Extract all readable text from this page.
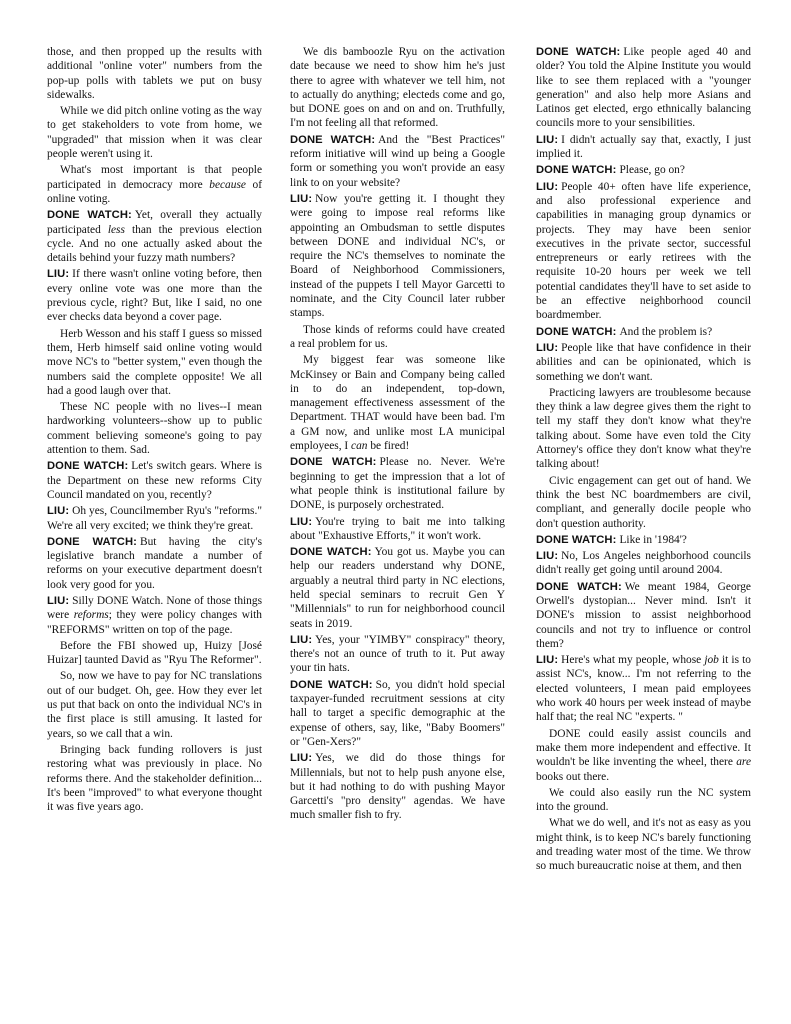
those, and then propped up the results with additional "online voter" numbers from the pop-up polls with tablets we put on busy sidewalks.

While we did pitch online voting as the way to get stakeholders to vote from home, we "upgraded" that mission when it was clear people weren't using it.

What's most important is that people participated in democracy more because of online voting.

DONE WATCH: Yet, overall they actually participated less than the previous election cycle. And no one actually asked about the details behind your fuzzy math numbers?

LIU: If there wasn't online voting before, then every online vote was one more than the previous cycle, right? But, like I said, no one ever checks data beyond a cover page.

Herb Wesson and his staff I guess so missed them, Herb himself said online voting would move NC's to "better system," even though the numbers said the complete opposite! We all had a good laugh over that.

These NC people with no lives--I mean hardworking volunteers--show up to public comment believing someone's going to pay attention to them. Sad.

DONE WATCH: Let's switch gears. Where is the Department on these new reforms City Council mandated on you, recently?

LIU: Oh yes, Councilmember Ryu's "reforms." We're all very excited; we think they're great.

DONE WATCH: But having the city's legislative branch mandate a number of reforms on your executive department doesn't look very good for you.

LIU: Silly DONE Watch. None of those things were reforms; they were policy changes with "REFORMS" written on top of the page.

Before the FBI showed up, Huizy [José Huizar] taunted David as "Ryu The Reformer".

So, now we have to pay for NC translations out of our budget. Oh, gee. How they ever let us put that back on onto the individual NC's in the first place is still amusing. It lasted for years, so we call that a win.

Bringing back funding rollovers is just restoring what was previously in place. No reforms there. And the stakeholder definition... It's been "improved" to what everyone thought it was five years ago.

We dis bamboozle Ryu on the activation date because we need to show him he's just there to agree with whatever we tell him, not to actually do anything; electeds come and go, but DONE goes on and on and on. Truthfully, I'm not feeling all that reformed.

DONE WATCH: And the "Best Practices" reform initiative will wind up being a Google form or something you won't provide an easy link to on your website?

LIU: Now you're getting it. I thought they were going to impose real reforms like appointing an Ombudsman to settle disputes between DONE and individual NC's, or require the NC's themselves to nominate the Board of Neighborhood Commissioners, instead of the puppets I tell Mayor Garcetti to nominate, and the City Council later rubber stamps.

Those kinds of reforms could have created a real problem for us.

My biggest fear was someone like McKinsey or Bain and Company being called in to do an independent, top-down, management effectiveness assessment of the Department. THAT would have been bad. I'm a GM now, and unlike most LA municipal employees, I can be fired!

DONE WATCH: Please no. Never. We're beginning to get the impression that a lot of what people think is institutional failure by DONE, is purposely orchestrated.

LIU: You're trying to bait me into talking about "Exhaustive Efforts," it won't work.

DONE WATCH: You got us. Maybe you can help our readers understand why DONE, arguably a neutral third party in NC elections, held special seminars to recruit Gen Y "Millennials" to run for neighborhood council seats in 2019.

LIU: Yes, your "YIMBY" conspiracy" theory, there's not an ounce of truth to it. Put away your tin hats.

DONE WATCH: So, you didn't hold special taxpayer-funded recruitment sessions at city hall to target a specific demographic at the expense of others, say, like, "Baby Boomers" or "Gen-Xers?"

LIU: Yes, we did do those things for Millennials, but not to help push anyone else, but it had nothing to do with pushing Mayor Garcetti's "pro density" agendas. We have much smaller fish to fry.

DONE WATCH: Like people aged 40 and older? You told the Alpine Institute you would like to see them replaced with a "younger generation" and also help more Asians and Latinos get elected, ergo ethnically balancing councils more to your sensibilities.

LIU: I didn't actually say that, exactly, I just implied it.

DONE WATCH: Please, go on?

LIU: People 40+ often have life experience, and also professional experience and capabilities in managing group dynamics or projects. They may have been senior executives in the private sector, successful entrepreneurs or early retirees with the requisite 10-20 hours per week we tell potential candidates they'll have to set aside to be an effective neighborhood council boardmember.

DONE WATCH: And the problem is?

LIU: People like that have confidence in their abilities and can be opinionated, which is something we don't want.

Practicing lawyers are troublesome because they think a law degree gives them the right to tell my staff they don't know what they're talking about. Some have even told the City Attorney's office they don't know what they're talking about!

Civic engagement can get out of hand. We think the best NC boardmembers are civil, compliant, and generally docile people who don't question authority.

DONE WATCH: Like in '1984'?

LIU: No, Los Angeles neighborhood councils didn't really get going until around 2004.

DONE WATCH: We meant 1984, George Orwell's dystopian... Never mind. Isn't it DONE's mission to assist neighborhood councils and not try to influence or control them?

LIU: Here's what my people, whose job it is to assist NC's, know... I'm not referring to the elected volunteers, I mean paid employees who work 40 hours per week instead of maybe half that; the real NC "experts. "

DONE could easily assist councils and make them more independent and effective. It wouldn't be like inventing the wheel, there are books out there.

We could also easily run the NC system into the ground.

What we do well, and it's not as easy as you might think, is to keep NC's barely functioning and treading water most of the time. We throw so much bureaucratic noise at them, and then
